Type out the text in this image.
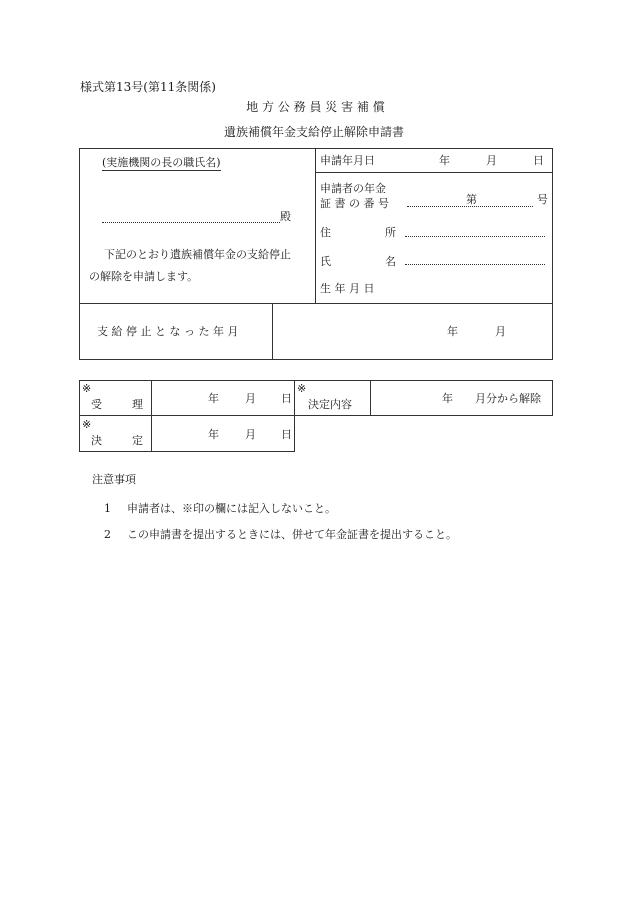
様式第13号(第11条関係)
地 方 公 務 員 災 害 補 償
遺族補償年金支給停止解除申請書
(実施機関の長の職氏名)
殿
下記のとおり遺族補償年金の支給停止
の解除を申請します。
申請年月日	年	月	日
申請者の年金
証 書 の 番 号	第	号
住	所
氏	名
生 年 月 日
支 給 停 止 と な っ た 年 月	年	月
※
受	理	年 月 日
※
決定内容	年　　月分から解除
※
決	定	年 月 日
注意事項
1 申請者は、※印の欄には記入しないこと。
2 この申請書を提出するときには、併せて年金証書を提出すること。
